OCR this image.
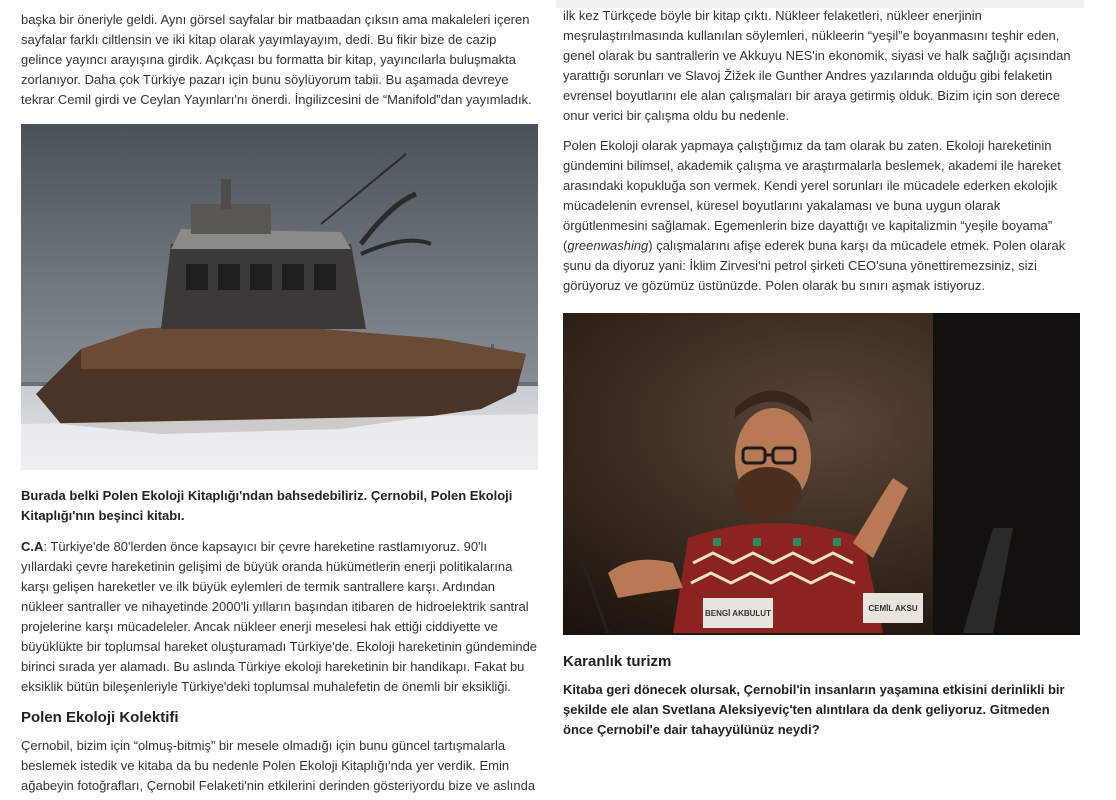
başka bir öneriyle geldi. Aynı görsel sayfalar bir matbaadan çıksın ama makaleleri içeren sayfalar farklı ciltlensin ve iki kitap olarak yayımlayayım, dedi. Bu fikir bize de cazip gelince yayıncı arayışına girdik. Açıkçası bu formatta bir kitap, yayıncılarla buluşmakta zorlanıyor. Daha çok Türkiye pazarı için bunu söylüyorum tabii. Bu aşamada devreye tekrar Cemil girdi ve Ceylan Yayınları'nı önerdi. İngilizcesini de “Manifold”dan yayımladık.

Burada belki Polen Ekoloji Kitaplığı'ndan bahsedebiliriz. Çernobil, Polen Ekoloji Kitaplığı'nın beşinci kitabı.

C.A: Türkiye'de 80'lerden önce kapsayıcı bir çevre hareketine rastlamıyoruz. 90'lı yıllardaki çevre hareketinin gelişimi de büyük oranda hükümetlerin enerji politikalarına karşı gelişen hareketler ve ilk büyük eylemleri de termik santrallere karşı. Ardından nükleer santraller ve nihayetinde 2000'li yılların başından itibaren de hidroelektrik santral projelerine karşı mücadeleler. Ancak nükleer enerji meselesi hak ettiği ciddiyette ve büyüklükte bir toplumsal hareket oluşturamadı Türkiye'de. Ekoloji hareketinin gündeminde birinci sırada yer alamadı. Bu aslında Türkiye ekoloji hareketinin bir handikapı. Fakat bu eksiklik bütün bileşenleriyle Türkiye'deki toplumsal muhalefetin de önemli bir eksikliği.

Polen Ekoloji Kolektifi

Çernobil, bizim için “olmuş-bitmiş” bir mesele olmadığı için bunu güncel tartışmalarla beslemek istedik ve kitaba da bu nedenle Polen Ekoloji Kitaplığı'nda yer verdik. Emin ağabeyin fotoğrafları, Çernobil Felaketi'nin etkilerini derinden gösteriyordu bize ve aslında

ilk kez Türkçede böyle bir kitap çıktı. Nükleer felaketleri, nükleer enerjinin meşrulaştırılmasında kullanılan söylemleri, nükleerin “yeşil”e boyanmasını teşhir eden, genel olarak bu santrallerin ve Akkuyu NES'in ekonomik, siyasi ve halk sağlığı açısından yarattığı sorunları ve Slavoj Žižek ile Gunther Andres yazılarında olduğu gibi felaketin evrensel boyutlarını ele alan çalışmaları bir araya getirmiş olduk. Bizim için son derece onur verici bir çalışma oldu bu nedenle.

Polen Ekoloji olarak yapmaya çalıştığımız da tam olarak bu zaten. Ekoloji hareketinin gündemini bilimsel, akademik çalışma ve araştırmalarla beslemek, akademi ile hareket arasındaki kopukluğa son vermek. Kendi yerel sorunları ile mücadele ederken ekolojik mücadelenin evrensel, küresel boyutlarını yakalaması ve buna uygun olarak örgütlenmesini sağlamak. Egemenlerin bize dayattığı ve kapitalizmin “yeşile boyama” (greenwashing) çalışmalarını afişe ederek buna karşı da mücadele etmek. Polen olarak şunu da diyoruz yani: İklim Zirvesi'ni petrol şirketi CEO'suna yönettiremezsiniz, sizi görüyoruz ve gözümüz üstünüzde. Polen olarak bu sınırı aşmak istiyoruz.

BENGİ AKBULUT
CEMİL AKSU
Karanlık turizm

Kitaba geri dönecek olursak, Çernobil'in insanların yaşamına etkisini derinlikli bir şekilde ele alan Svetlana Aleksiyeviç'ten alıntılara da denk geliyoruz. Gitmeden önce Çernobil'e dair tahayyülünüz neydi?
